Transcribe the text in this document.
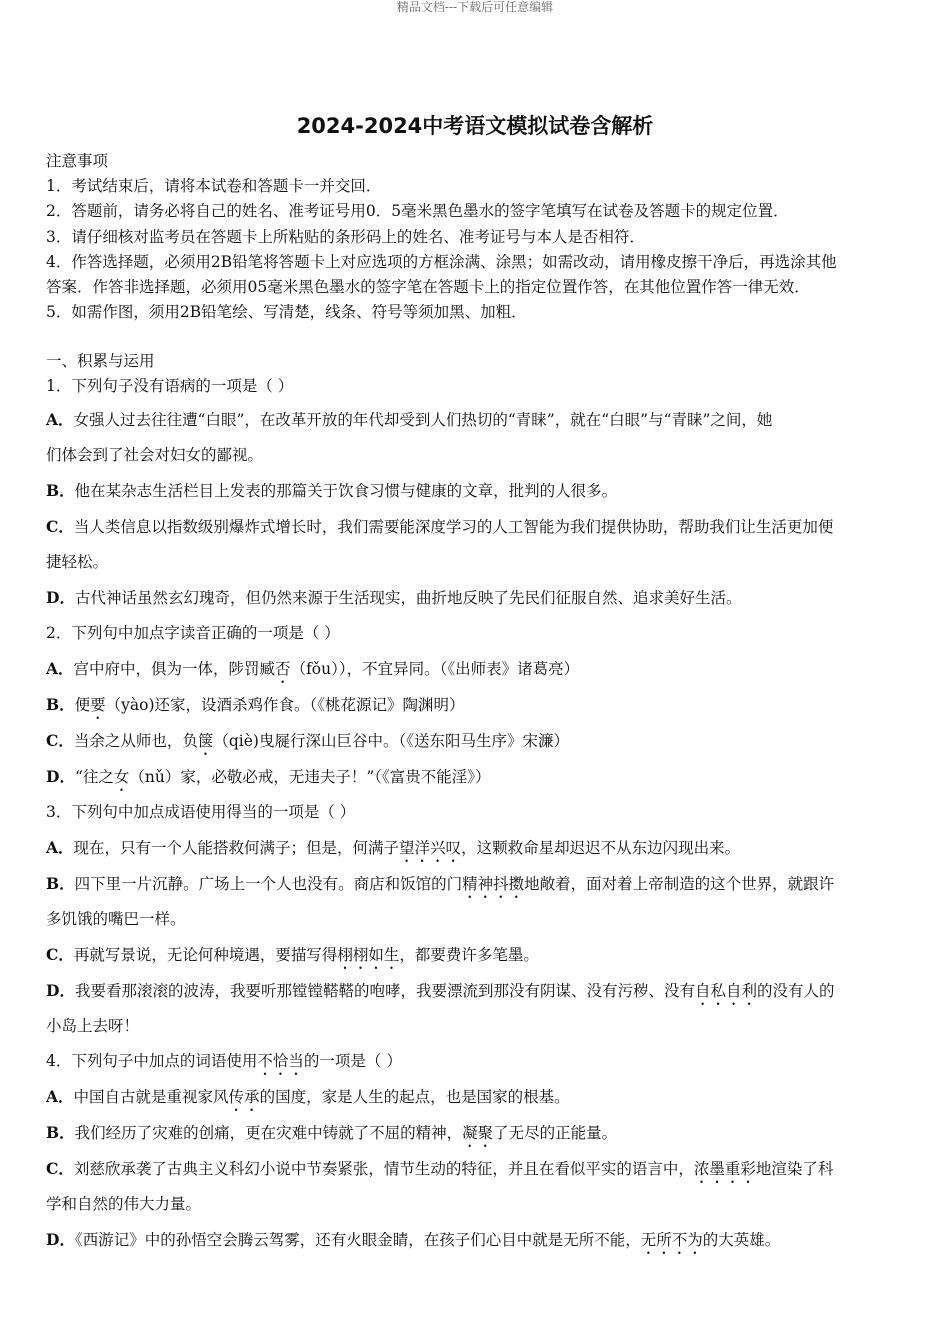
精品文档---下载后可任意编辑
2024-2024中考语文模拟试卷含解析
注意事项
1．考试结束后，请将本试卷和答题卡一并交回．
2．答题前，请务必将自己的姓名、准考证号用0．5毫米黑色墨水的签字笔填写在试卷及答题卡的规定位置．
3．请仔细核对监考员在答题卡上所粘贴的条形码上的姓名、准考证号与本人是否相符．
4．作答选择题，必须用2B铅笔将答题卡上对应选项的方框涂满、涂黑；如需改动，请用橡皮擦干净后，再选涂其他
答案．作答非选择题，必须用05毫米黑色墨水的签字笔在答题卡上的指定位置作答，在其他位置作答一律无效．
5．如需作图，须用2B铅笔绘、写清楚，线条、符号等须加黑、加粗．
一、积累与运用
1．下列句子没有语病的一项是（ ）
A．女强人过去往往遭“白眼”，在改革开放的年代却受到人们热切的“青睐”，就在“白眼”与“青睐”之间，她
们体会到了社会对妇女的鄙视。
B．他在某杂志生活栏目上发表的那篇关于饮食习惯与健康的文章，批判的人很多。
C．当人类信息以指数级别爆炸式增长时，我们需要能深度学习的人工智能为我们提供协助，帮助我们让生活更加便
捷轻松。
D．古代神话虽然玄幻瑰奇，但仍然来源于生活现实，曲折地反映了先民们征服自然、追求美好生活。
2．下列句中加点字读音正确的一项是（ ）
A．宫中府中，俱为一体，陟罚臧否（fǒu）），不宜异同。（《出师表》诸葛亮）
B．便要（yào)还家，设酒杀鸡作食。（《桃花源记》陶渊明）
C．当余之从师也，负箧（qiè)曳屣行深山巨谷中。（《送东阳马生序》宋濂）
D．“往之女（nǔ）家，必敬必戒，无违夫子！”（《富贵不能淫》）
3．下列句中加点成语使用得当的一项是（ ）
A．现在，只有一个人能搭救何满子；但是，何满子望洋兴叹，这颗救命星却迟迟不从东边闪现出来。
B．四下里一片沉静。广场上一个人也没有。商店和饭馆的门精神抖擞地敞着，面对着上帝制造的这个世界，就跟许
多饥饿的嘴巴一样。
C．再就写景说，无论何种境遇，要描写得栩栩如生，都要费许多笔墨。
D．我要看那滚滚的波涛，我要听那镗镗鞳鞳的咆哮，我要漂流到那没有阴谋、没有污秽、没有自私自利的没有人的
小岛上去呀！
4．下列句子中加点的词语使用不恰当的一项是（ ）
A．中国自古就是重视家风传承的国度，家是人生的起点，也是国家的根基。
B．我们经历了灾难的创痛，更在灾难中铸就了不屈的精神，凝聚了无尽的正能量。
C．刘慈欣承袭了古典主义科幻小说中节奏紧张，情节生动的特征，并且在看似平实的语言中，浓墨重彩地渲染了科
学和自然的伟大力量。
D．《西游记》中的孙悟空会腾云驾雾，还有火眼金睛，在孩子们心目中就是无所不能，无所不为的大英雄。
